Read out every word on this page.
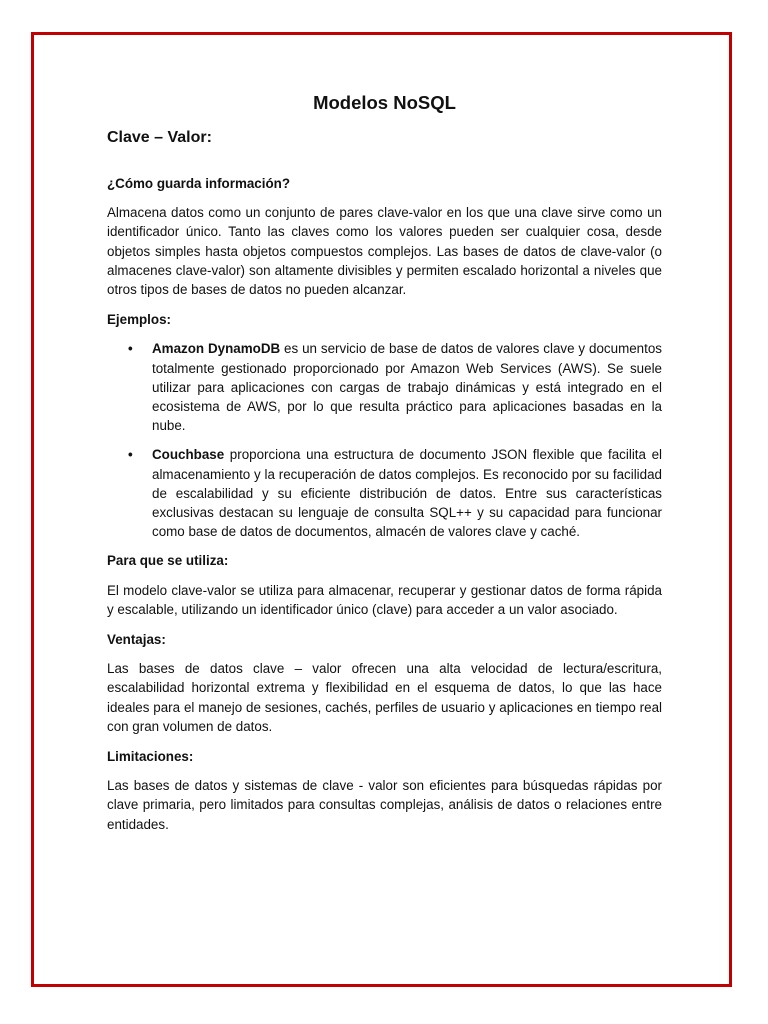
Modelos NoSQL
Clave – Valor:
¿Cómo guarda información?

Almacena datos como un conjunto de pares clave-valor en los que una clave sirve como un identificador único. Tanto las claves como los valores pueden ser cualquier cosa, desde objetos simples hasta objetos compuestos complejos. Las bases de datos de clave-valor (o almacenes clave-valor) son altamente divisibles y permiten escalado horizontal a niveles que otros tipos de bases de datos no pueden alcanzar.

Ejemplos:
• Amazon DynamoDB es un servicio de base de datos de valores clave y documentos totalmente gestionado proporcionado por Amazon Web Services (AWS). Se suele utilizar para aplicaciones con cargas de trabajo dinámicas y está integrado en el ecosistema de AWS, por lo que resulta práctico para aplicaciones basadas en la nube.
• Couchbase proporciona una estructura de documento JSON flexible que facilita el almacenamiento y la recuperación de datos complejos. Es reconocido por su facilidad de escalabilidad y su eficiente distribución de datos. Entre sus características exclusivas destacan su lenguaje de consulta SQL++ y su capacidad para funcionar como base de datos de documentos, almacén de valores clave y caché.
Para que se utiliza:

El modelo clave-valor se utiliza para almacenar, recuperar y gestionar datos de forma rápida y escalable, utilizando un identificador único (clave) para acceder a un valor asociado.

Ventajas:

Las bases de datos clave – valor ofrecen una alta velocidad de lectura/escritura, escalabilidad horizontal extrema y flexibilidad en el esquema de datos, lo que las hace ideales para el manejo de sesiones, cachés, perfiles de usuario y aplicaciones en tiempo real con gran volumen de datos.

Limitaciones:

Las bases de datos y sistemas de clave - valor son eficientes para búsquedas rápidas por clave primaria, pero limitados para consultas complejas, análisis de datos o relaciones entre entidades.
